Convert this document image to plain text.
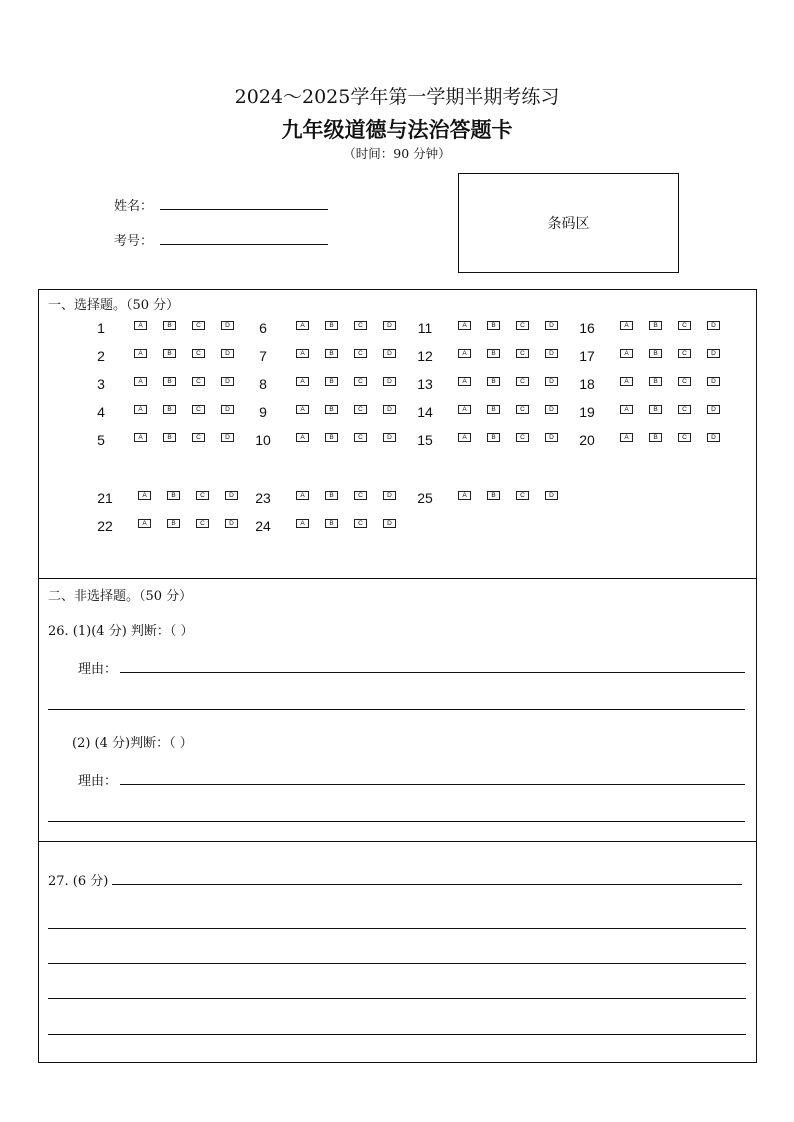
2024～2025学年第一学期半期考练习
九年级道德与法治答题卡
（时间：90 分钟）
姓名：
考号：
条码区
一、选择题。（50 分）
1	A	B	C	D
2	A	B	C	D
3	A	B	C	D
4	A	B	C	D
5	A	B	C	D
6	A	B	C	D
7	A	B	C	D
8	A	B	C	D
9	A	B	C	D
10	A	B	C	D
11	A	B	C	D
12	A	B	C	D
13	A	B	C	D
14	A	B	C	D
15	A	B	C	D
16	A	B	C	D
17	A	B	C	D
18	A	B	C	D
19	A	B	C	D
20	A	B	C	D
21	A	B	C	D
22	A	B	C	D
23	A	B	C	D
24	A	B	C	D
25	A	B	C	D
二、非选择题。（50 分）
26. (1)(4 分) 判断：（ ）
理由：
(2) (4 分)判断：（ ）
理由：
27. (6 分)
